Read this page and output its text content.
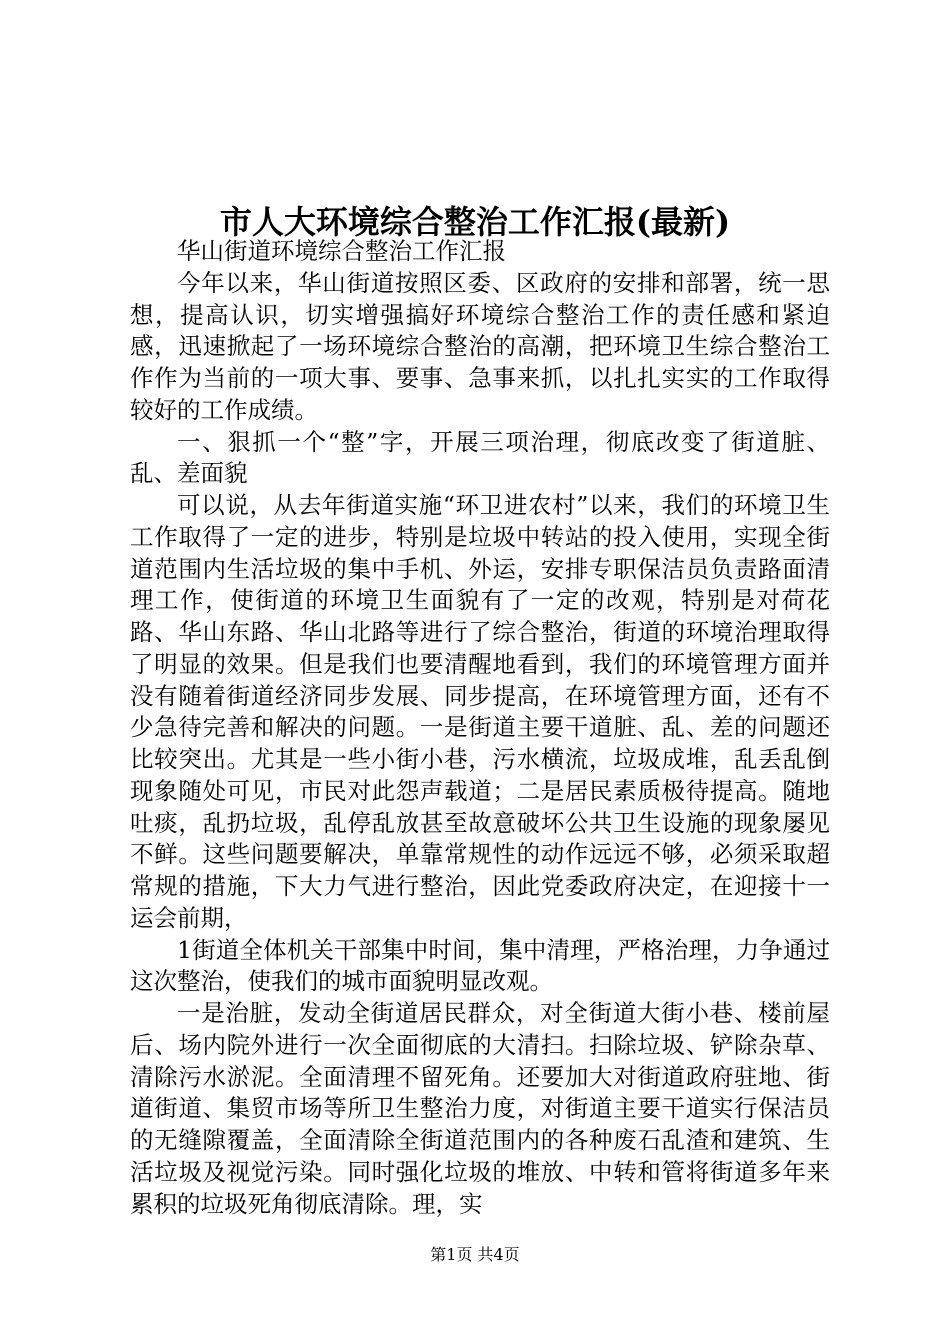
市人大环境综合整治工作汇报(最新)

华山街道环境综合整治工作汇报

今年以来，华山街道按照区委、区政府的安排和部署，统一思想，提高认识，切实增强搞好环境综合整治工作的责任感和紧迫感，迅速掀起了一场环境综合整治的高潮，把环境卫生综合整治工作作为当前的一项大事、要事、急事来抓，以扎扎实实的工作取得较好的工作成绩。

一、狠抓一个“整”字，开展三项治理，彻底改变了街道脏、乱、差面貌

可以说，从去年街道实施“环卫进农村”以来，我们的环境卫生工作取得了一定的进步，特别是垃圾中转站的投入使用，实现全街道范围内生活垃圾的集中手机、外运，安排专职保洁员负责路面清理工作，使街道的环境卫生面貌有了一定的改观，特别是对荷花路、华山东路、华山北路等进行了综合整治，街道的环境治理取得了明显的效果。但是我们也要清醒地看到，我们的环境管理方面并没有随着街道经济同步发展、同步提高，在环境管理方面，还有不少急待完善和解决的问题。一是街道主要干道脏、乱、差的问题还比较突出。尤其是一些小街小巷，污水横流，垃圾成堆，乱丢乱倒现象随处可见，市民对此怨声载道；二是居民素质极待提高。随地吐痰，乱扔垃圾，乱停乱放甚至故意破坏公共卫生设施的现象屡见不鲜。这些问题要解决，单靠常规性的动作远远不够，必须采取超常规的措施，下大力气进行整治，因此党委政府决定，在迎接十一运会前期，

1街道全体机关干部集中时间，集中清理，严格治理，力争通过这次整治，使我们的城市面貌明显改观。

一是治脏，发动全街道居民群众，对全街道大街小巷、楼前屋后、场内院外进行一次全面彻底的大清扫。扫除垃圾、铲除杂草、清除污水淤泥。全面清理不留死角。还要加大对街道政府驻地、街道街道、集贸市场等所卫生整治力度，对街道主要干道实行保洁员的无缝隙覆盖，全面清除全街道范围内的各种废石乱渣和建筑、生活垃圾及视觉污染。同时强化垃圾的堆放、中转和管将街道多年来累积的垃圾死角彻底清除。理，实

第1页 共4页
